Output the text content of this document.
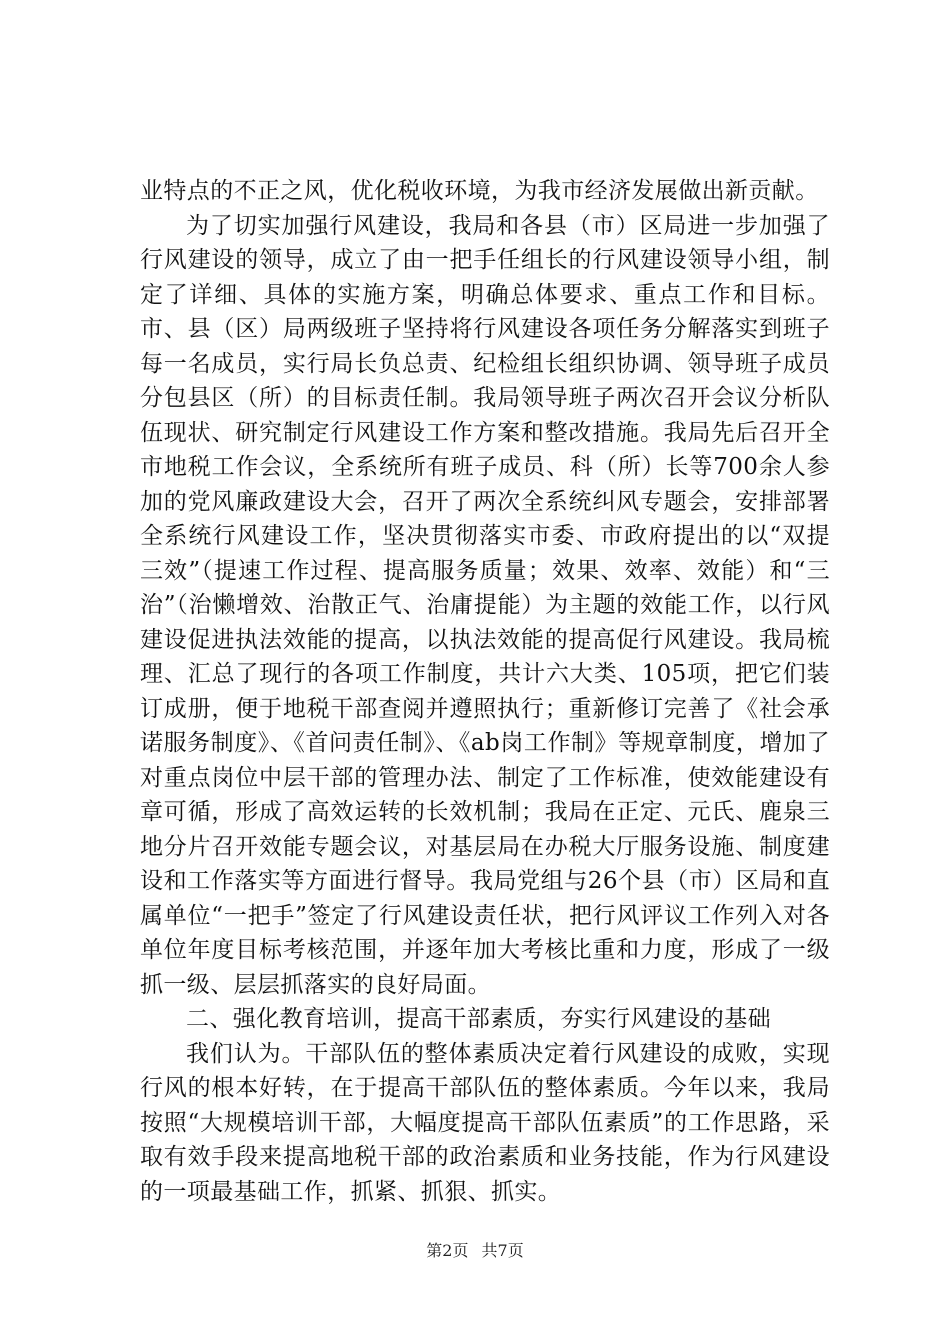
业特点的不正之风，优化税收环境，为我市经济发展做出新贡献。

为了切实加强行风建设，我局和各县（市）区局进一步加强了行风建设的领导，成立了由一把手任组长的行风建设领导小组，制定了详细、具体的实施方案，明确总体要求、重点工作和目标。市、县（区）局两级班子坚持将行风建设各项任务分解落实到班子每一名成员，实行局长负总责、纪检组长组织协调、领导班子成员分包县区（所）的目标责任制。我局领导班子两次召开会议分析队伍现状、研究制定行风建设工作方案和整改措施。我局先后召开全市地税工作会议，全系统所有班子成员、科（所）长等700余人参加的党风廉政建设大会，召开了两次全系统纠风专题会，安排部署全系统行风建设工作，坚决贯彻落实市委、市政府提出的以“双提三效”（提速工作过程、提高服务质量；效果、效率、效能）和“三治”（治懒增效、治散正气、治庸提能）为主题的效能工作，以行风建设促进执法效能的提高，以执法效能的提高促行风建设。我局梳理、汇总了现行的各项工作制度，共计六大类、105项，把它们装订成册，便于地税干部查阅并遵照执行；重新修订完善了《社会承诺服务制度》、《首问责任制》、《ab岗工作制》等规章制度，增加了对重点岗位中层干部的管理办法、制定了工作标准，使效能建设有章可循，形成了高效运转的长效机制；我局在正定、元氏、鹿泉三地分片召开效能专题会议，对基层局在办税大厅服务设施、制度建设和工作落实等方面进行督导。我局党组与26个县（市）区局和直属单位“一把手”签定了行风建设责任状，把行风评议工作列入对各单位年度目标考核范围，并逐年加大考核比重和力度，形成了一级抓一级、层层抓落实的良好局面。

二、强化教育培训，提高干部素质，夯实行风建设的基础

我们认为。干部队伍的整体素质决定着行风建设的成败，实现行风的根本好转，在于提高干部队伍的整体素质。今年以来，我局按照“大规模培训干部，大幅度提高干部队伍素质”的工作思路，采取有效手段来提高地税干部的政治素质和业务技能，作为行风建设的一项最基础工作，抓紧、抓狠、抓实。

第2页 共7页
